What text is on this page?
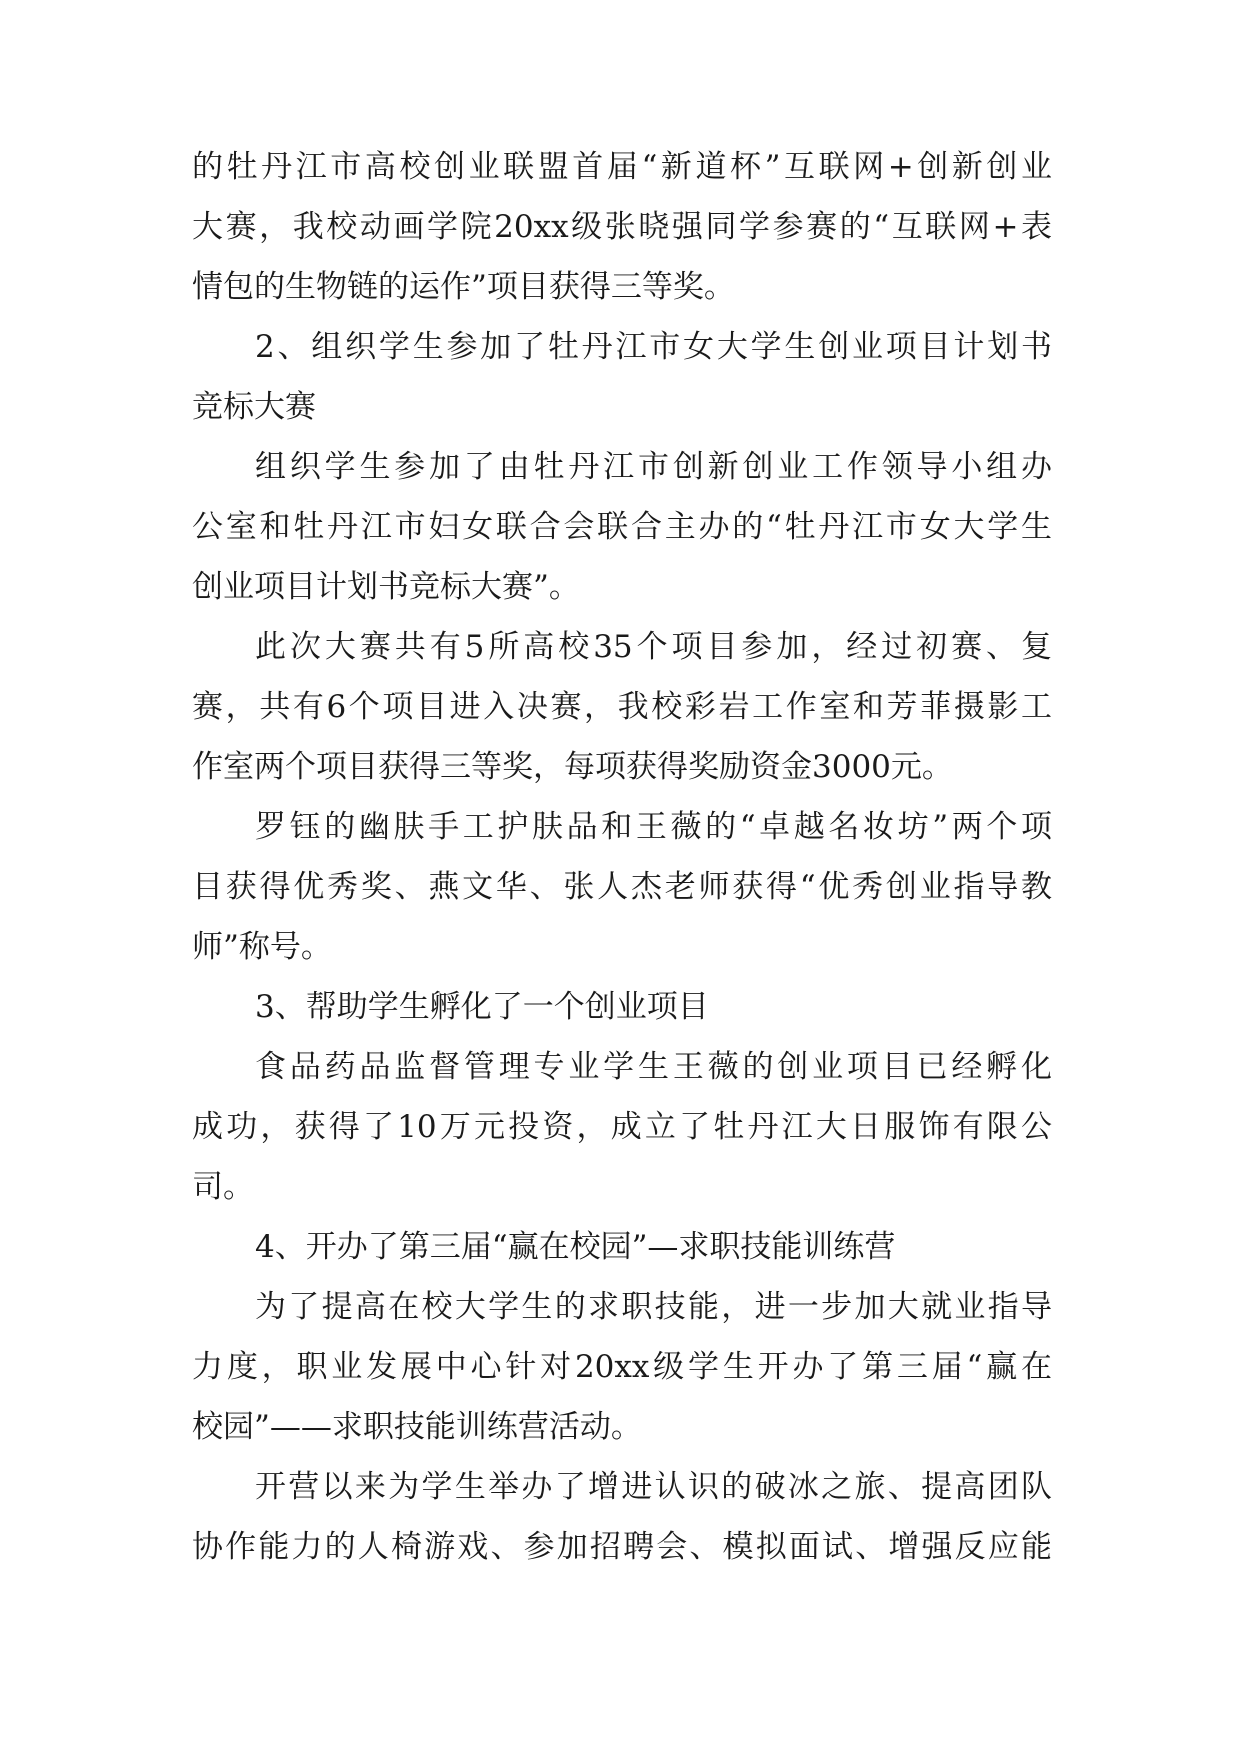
的牡丹江市高校创业联盟首届“新道杯”互联网+创新创业
大赛，我校动画学院20xx级张晓强同学参赛的“互联网+表
情包的生物链的运作”项目获得三等奖。
2、组织学生参加了牡丹江市女大学生创业项目计划书
竞标大赛
组织学生参加了由牡丹江市创新创业工作领导小组办
公室和牡丹江市妇女联合会联合主办的“牡丹江市女大学生
创业项目计划书竞标大赛”。
此次大赛共有5所高校35个项目参加，经过初赛、复
赛，共有6个项目进入决赛，我校彩岩工作室和芳菲摄影工
作室两个项目获得三等奖，每项获得奖励资金3000元。
罗钰的幽肤手工护肤品和王薇的“卓越名妆坊”两个项
目获得优秀奖、燕文华、张人杰老师获得“优秀创业指导教
师”称号。
3、帮助学生孵化了一个创业项目
食品药品监督管理专业学生王薇的创业项目已经孵化
成功，获得了10万元投资，成立了牡丹江大日服饰有限公
司。
4、开办了第三届“赢在校园”—求职技能训练营
为了提高在校大学生的求职技能，进一步加大就业指导
力度，职业发展中心针对20xx级学生开办了第三届“赢在
校园”——求职技能训练营活动。
开营以来为学生举办了增进认识的破冰之旅、提高团队
协作能力的人椅游戏、参加招聘会、模拟面试、增强反应能
